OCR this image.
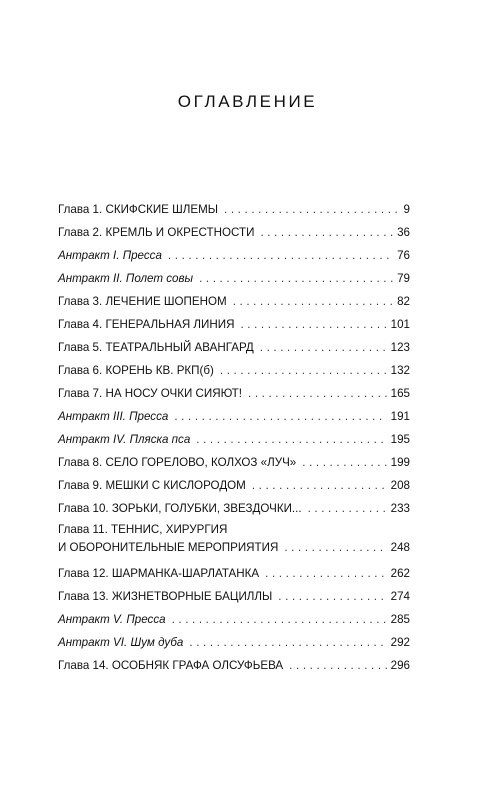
ОГЛАВЛЕНИЕ
Глава 1. СКИФСКИЕ ШЛЕМЫ .....	9
Глава 2. КРЕМЛЬ И ОКРЕСТНОСТИ .....	36
Антракт I. Пресса .....	76
Антракт II. Полет совы .....	79
Глава 3. ЛЕЧЕНИЕ ШОПЕНОМ .....	82
Глава 4. ГЕНЕРАЛЬНАЯ ЛИНИЯ .....	101
Глава 5. ТЕАТРАЛЬНЫЙ АВАНГАРД .....	123
Глава 6. КОРЕНЬ КВ. РКП(б) .....	132
Глава 7. НА НОСУ ОЧКИ СИЯЮТ! .....	165
Антракт III. Пресса .....	191
Антракт IV. Пляска пса .....	195
Глава 8. СЕЛО ГОРЕЛОВО, КОЛХОЗ «ЛУЧ» .....	199
Глава 9. МЕШКИ С КИСЛОРОДОМ .....	208
Глава 10. ЗОРЬКИ, ГОЛУБКИ, ЗВЕЗДОЧКИ... .....	233
Глава 11. ТЕННИС, ХИРУРГИЯ
И ОБОРОНИТЕЛЬНЫЕ МЕРОПРИЯТИЯ .....	248
Глава 12. ШАРМАНКА-ШАРЛАТАНКА .....	262
Глава 13. ЖИЗНЕТВОРНЫЕ БАЦИЛЛЫ .....	274
Антракт V. Пресса .....	285
Антракт VI. Шум дуба .....	292
Глава 14. ОСОБНЯК ГРАФА ОЛСУФЬЕВА .....	296
